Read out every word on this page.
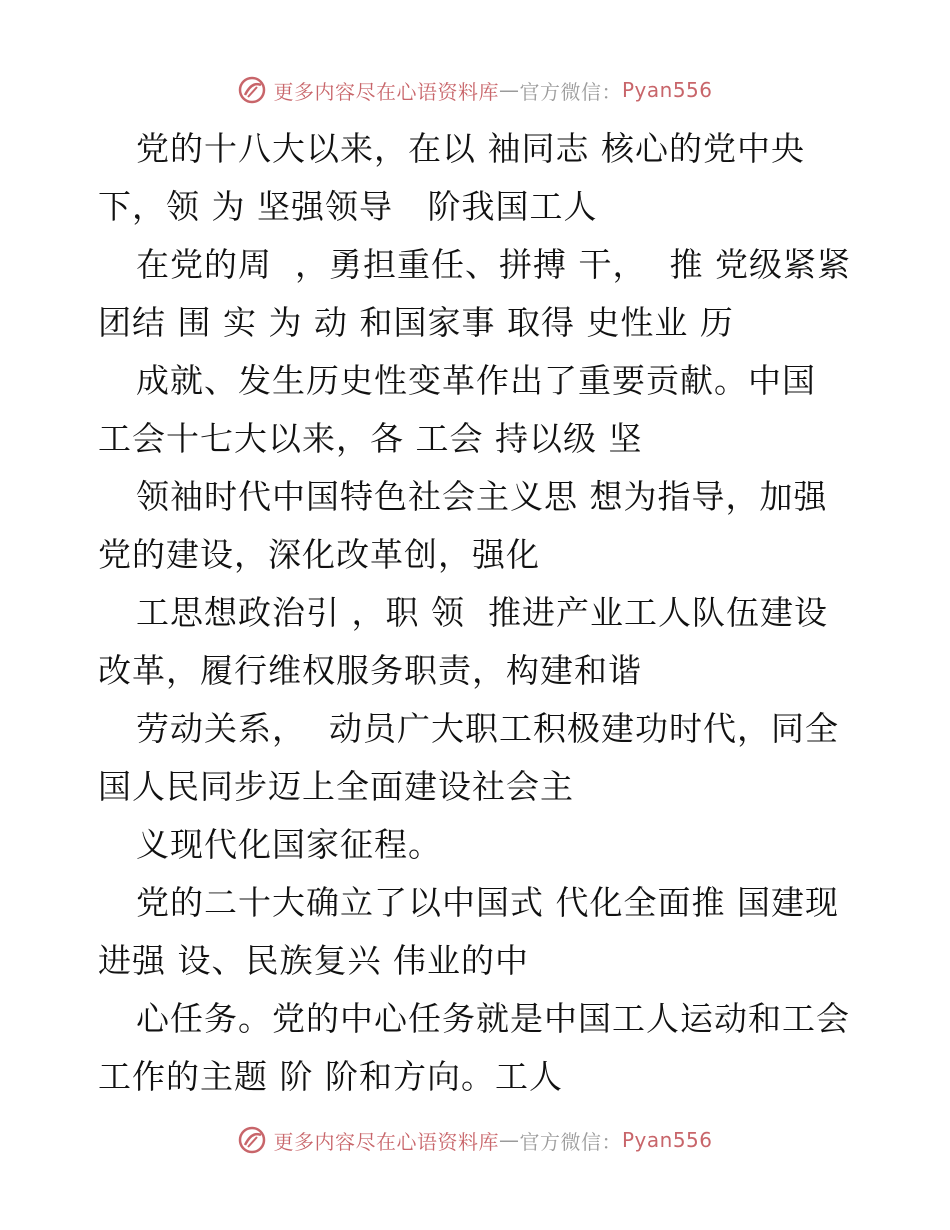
更多内容尽在心语资料库 — 官方微信： Pyan556
党的十八大以来，在以 袖同志 核心的党中央
下，领 为 坚强领导   阶我国工人
在党的周  ，勇担重任、拼搏 干，  推 党级紧紧
团结 围 实 为 动 和国家事 取得 史性业 历
成就、发生历史性变革作出了重要贡献。中国
工会十七大以来，各 工会 持以级 坚
领袖时代中国特色社会主义思 想为指导，加强
党的建设，深化改革创，强化
工思想政治引 ，职 领  推进产业工人队伍建设
改革，履行维权服务职责，构建和谐
劳动关系，  动员广大职工积极建功时代，同全
国人民同步迈上全面建设社会主
义现代化国家征程。
党的二十大确立了以中国式 代化全面推 国建现
进强 设、民族复兴 伟业的中
心任务。党的中心任务就是中国工人运动和工会
工作的主题 阶 阶和方向。工人
更多内容尽在心语资料库 — 官方微信： Pyan556
